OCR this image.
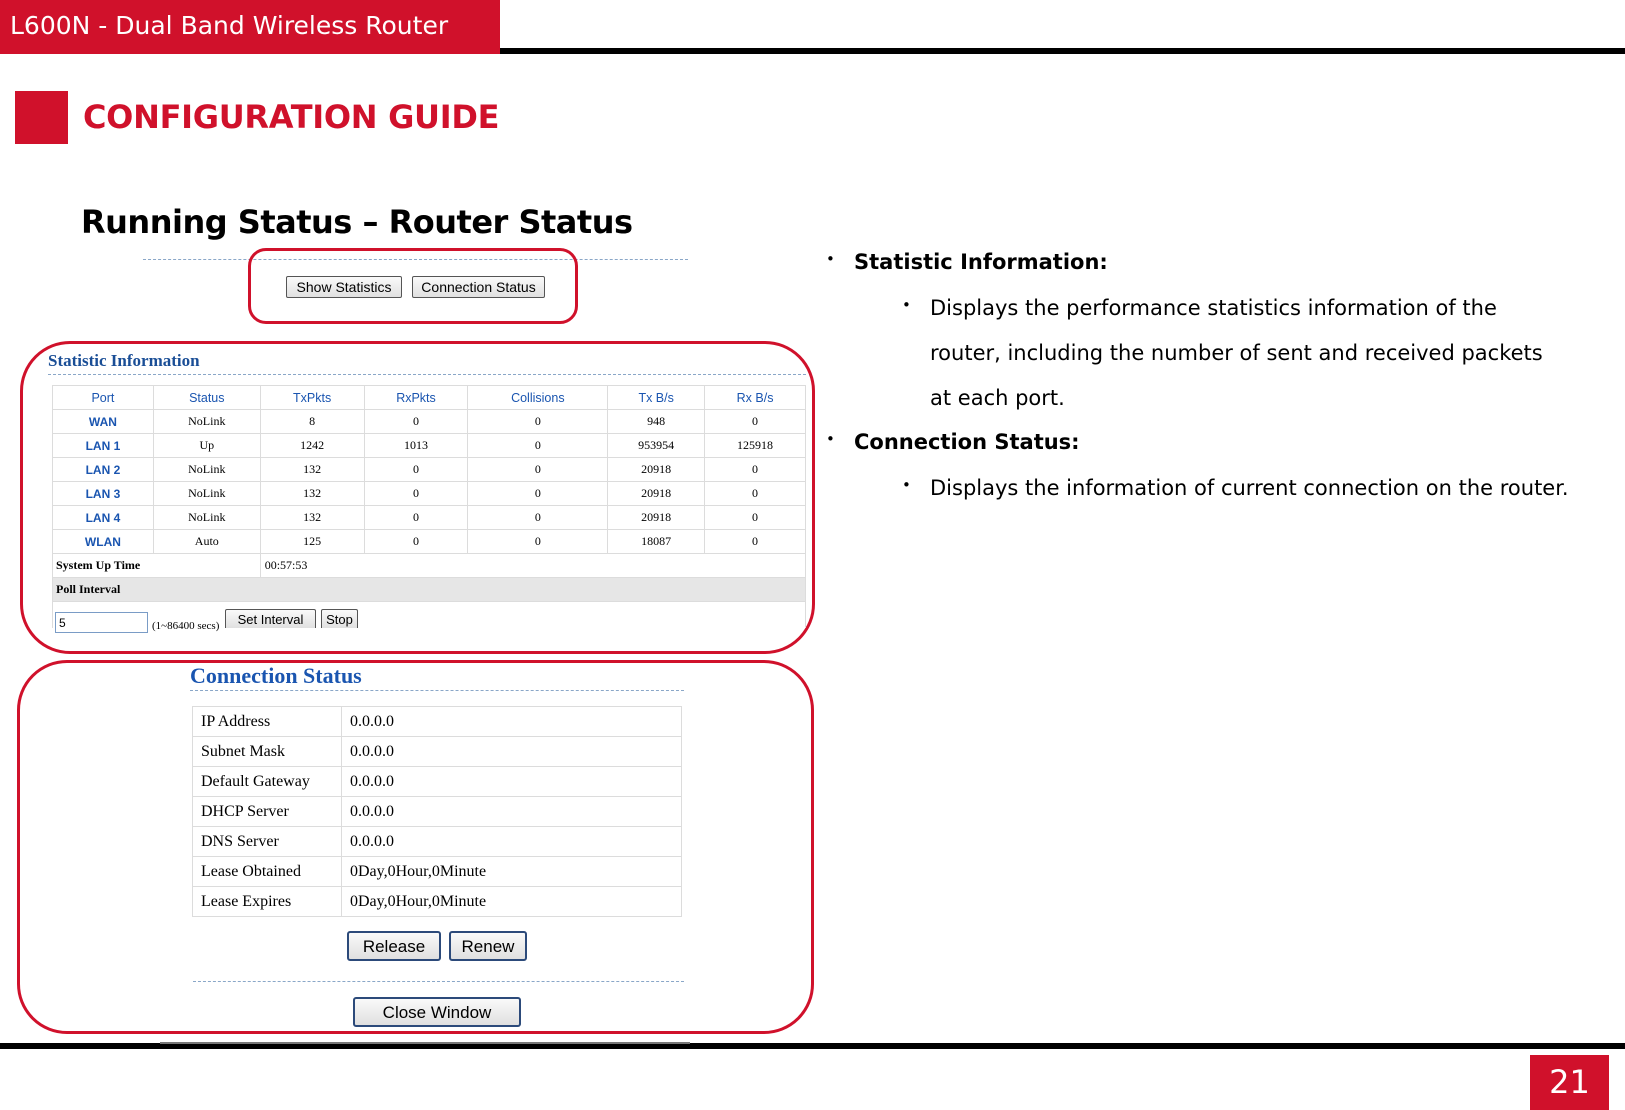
L600N - Dual Band Wireless Router
CONFIGURATION GUIDE
Running Status – Router Status
Show Statistics	Connection Status
Statistic Information
Port	Status	TxPkts	RxPkts	Collisions	Tx B/s	Rx B/s
WAN	NoLink	8	0	0	948	0
LAN 1	Up	1242	1013	0	953954	125918
LAN 2	NoLink	132	0	0	20918	0
LAN 3	NoLink	132	0	0	20918	0
LAN 4	NoLink	132	0	0	20918	0
WLAN	Auto	125	0	0	18087	0
System Up Time		00:57:53				
Poll Interval						

5
(1~86400 secs)	Set Interval	Stop
Connection Status
IP Address	0.0.0.0
Subnet Mask	0.0.0.0
Default Gateway	0.0.0.0
DHCP Server	0.0.0.0
DNS Server	0.0.0.0
Lease Obtained	0Day,0Hour,0Minute
Lease Expires	0Day,0Hour,0Minute
Release	Renew
Close Window
• Statistic Information:
• Displays the performance statistics information of the router, including the number of sent and received packets at each port.
• Connection Status:
• Displays the information of current connection on the router.
21
